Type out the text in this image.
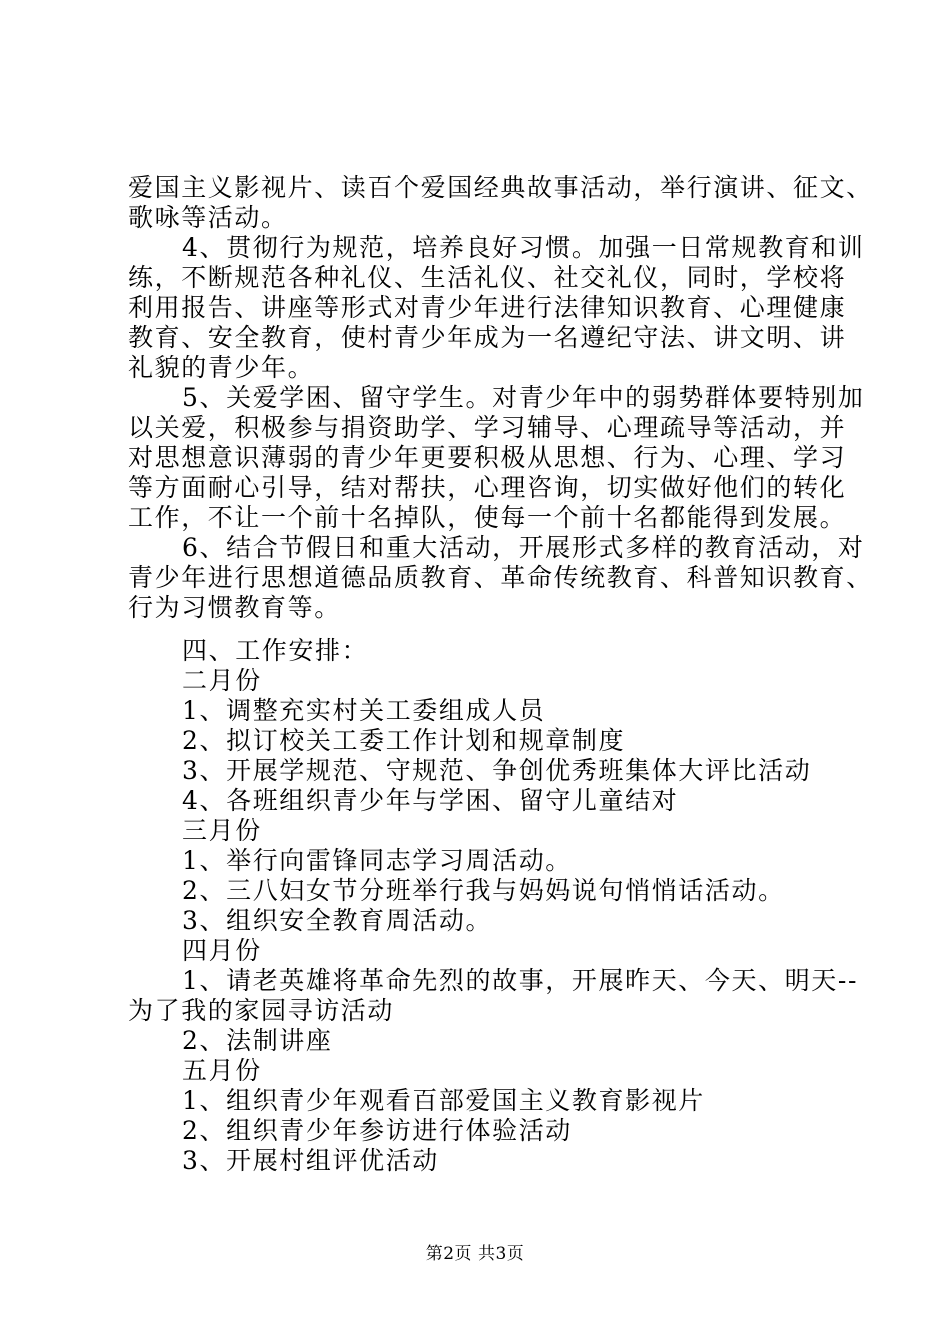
爱国主义影视片、读百个爱国经典故事活动，举行演讲、征文、
歌咏等活动。
4、贯彻行为规范，培养良好习惯。加强一日常规教育和训
练，不断规范各种礼仪、生活礼仪、社交礼仪，同时，学校将
利用报告、讲座等形式对青少年进行法律知识教育、心理健康
教育、安全教育，使村青少年成为一名遵纪守法、讲文明、讲
礼貌的青少年。
5、关爱学困、留守学生。对青少年中的弱势群体要特别加
以关爱，积极参与捐资助学、学习辅导、心理疏导等活动，并
对思想意识薄弱的青少年更要积极从思想、行为、心理、学习
等方面耐心引导，结对帮扶，心理咨询，切实做好他们的转化
工作，不让一个前十名掉队，使每一个前十名都能得到发展。
6、结合节假日和重大活动，开展形式多样的教育活动，对
青少年进行思想道德品质教育、革命传统教育、科普知识教育、
行为习惯教育等。
四、工作安排：
二月份
1、调整充实村关工委组成人员
2、拟订校关工委工作计划和规章制度
3、开展学规范、守规范、争创优秀班集体大评比活动
4、各班组织青少年与学困、留守儿童结对
三月份
1、举行向雷锋同志学习周活动。
2、三八妇女节分班举行我与妈妈说句悄悄话活动。
3、组织安全教育周活动。
四月份
1、请老英雄将革命先烈的故事，开展昨天、今天、明天--
为了我的家园寻访活动
2、法制讲座
五月份
1、组织青少年观看百部爱国主义教育影视片
2、组织青少年参访进行体验活动
3、开展村组评优活动
第2页 共3页
